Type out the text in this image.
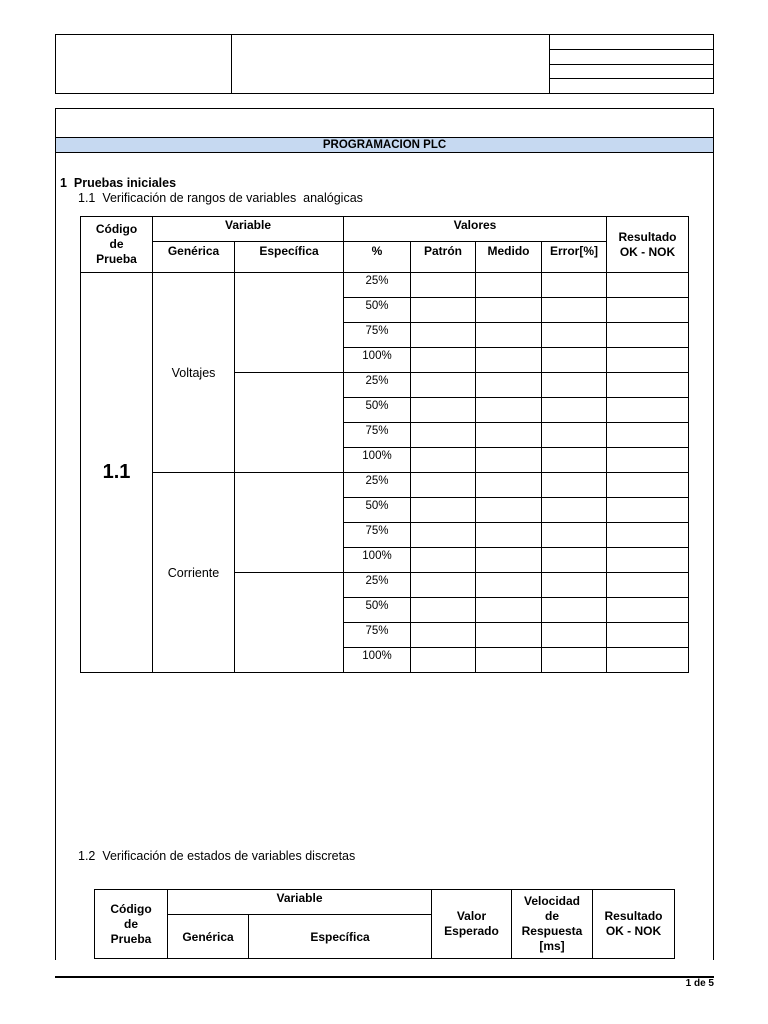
PROGRAMACION PLC
1  Pruebas iniciales
1.1  Verificación de rangos de variables  analógicas
Código de Prueba	Variable		Valores				Resultado OK - NOK
	Genérica	Específica	%	Patrón	Medido	Error[%]	
1.1	Voltajes		25%				
			50%				
			75%				
			100%				
			25%				
			50%				
			75%				
			100%				
	Corriente		25%				
			50%				
			75%				
			100%				
			25%				
			50%				
			75%				
			100%				
1.2  Verificación de estados de variables discretas
Código de Prueba	Variable		Valor Esperado	Velocidad de Respuesta [ms]	Resultado OK - NOK
	Genérica	Específica			
1 de 5
